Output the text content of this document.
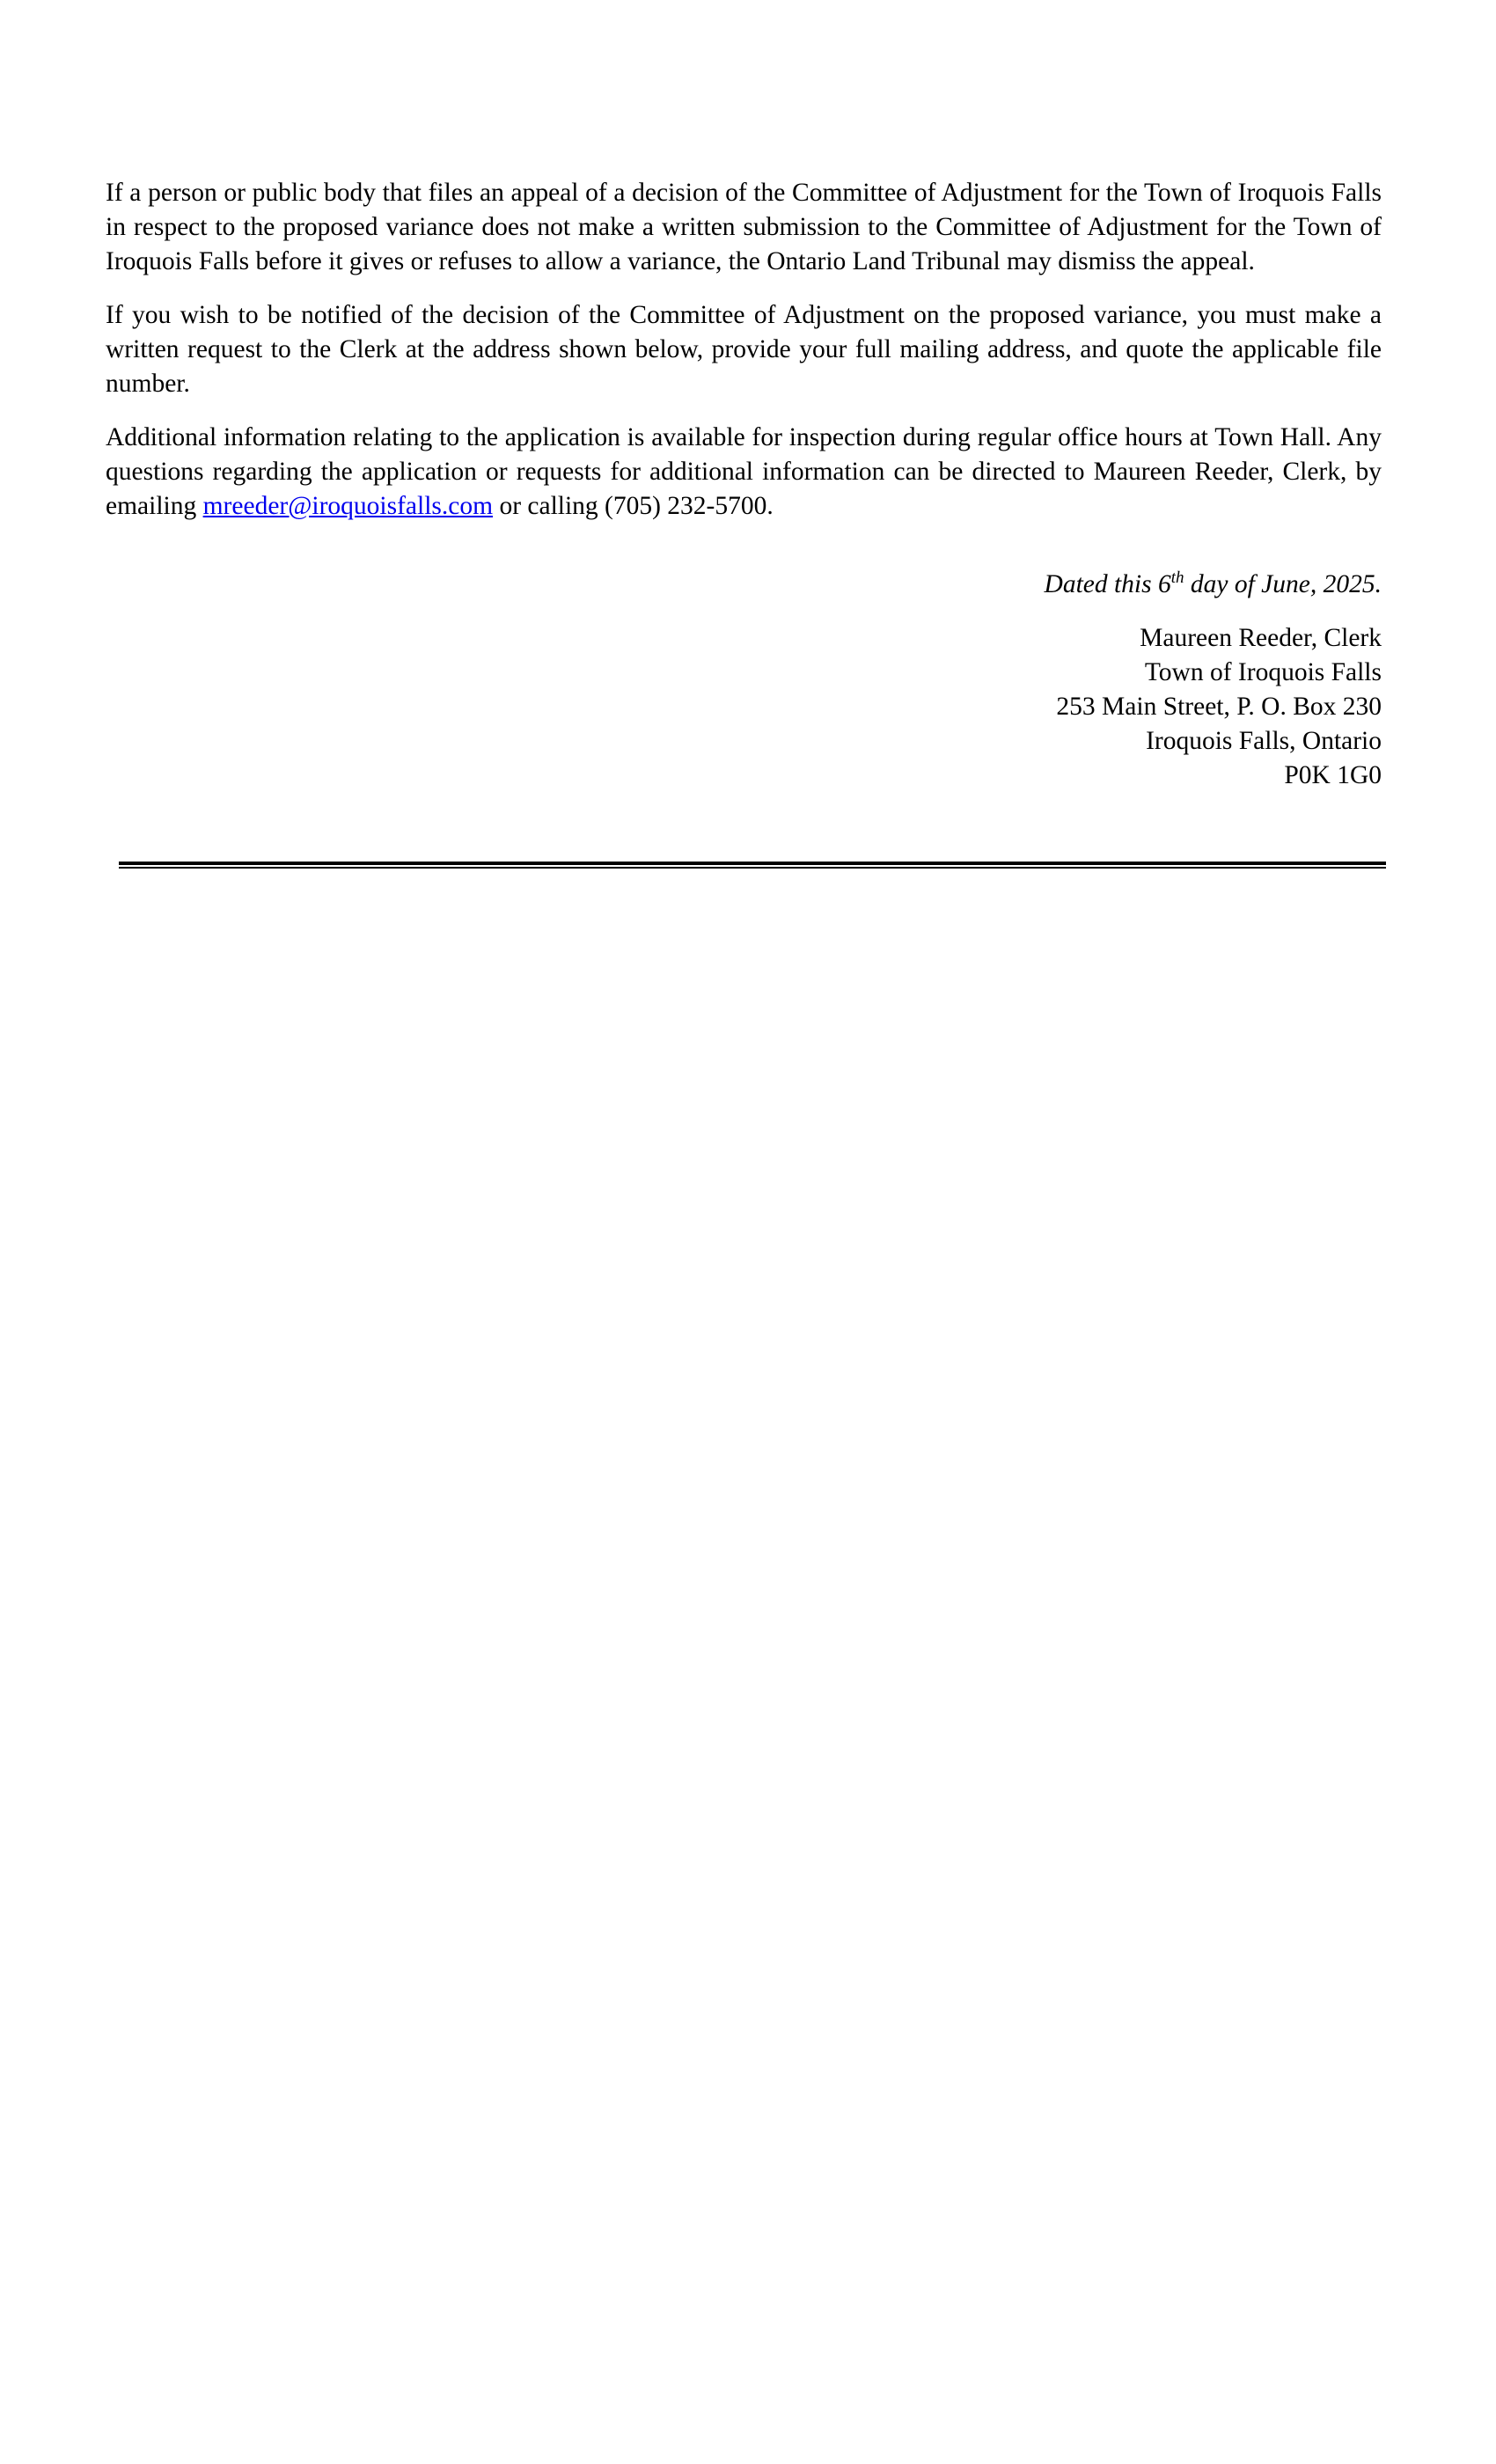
If a person or public body that files an appeal of a decision of the Committee of Adjustment for the Town of Iroquois Falls in respect to the proposed variance does not make a written submission to the Committee of Adjustment for the Town of Iroquois Falls before it gives or refuses to allow a variance, the Ontario Land Tribunal may dismiss the appeal.

If you wish to be notified of the decision of the Committee of Adjustment on the proposed variance, you must make a written request to the Clerk at the address shown below, provide your full mailing address, and quote the applicable file number.

Additional information relating to the application is available for inspection during regular office hours at Town Hall. Any questions regarding the application or requests for additional information can be directed to Maureen Reeder, Clerk, by emailing mreeder@iroquoisfalls.com or calling (705) 232-5700.

Dated this 6th day of June, 2025.
Maureen Reeder, Clerk
Town of Iroquois Falls
253 Main Street, P. O. Box 230
Iroquois Falls, Ontario
P0K 1G0
